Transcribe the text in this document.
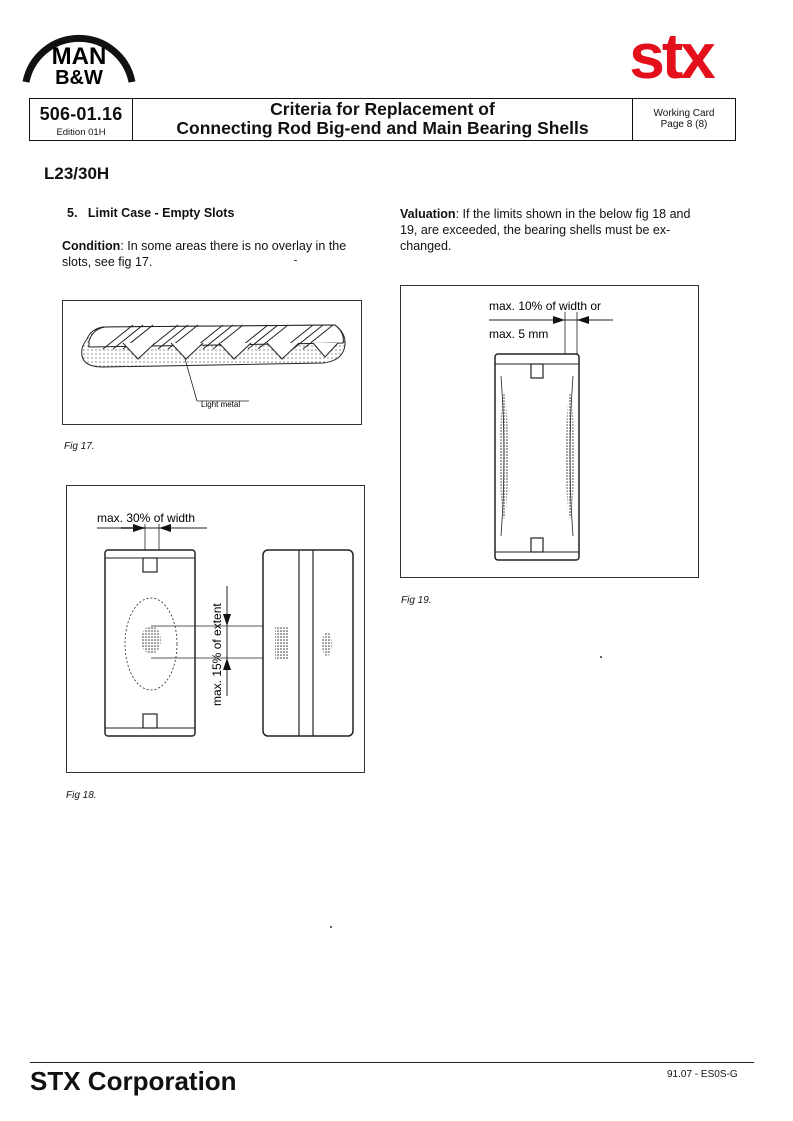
MAN
B&W	stx
506-01.16
Edition 01H
Criteria for Replacement of
Connecting Rod Big-end and Main Bearing Shells
Working Card
Page 8 (8)
L23/30H
5.   Limit Case - Empty Slots
Condition: In some areas there is no overlay in the
slots, see fig 17.
Valuation: If the limits shown in the below fig 18 and
19, are exceeded, the bearing shells must be ex-
changed.
Light metal
Fig 17.
max. 30% of width
max. 15% of extent
Fig 18.
max. 10% of width or
max. 5 mm
Fig 19.
STX Corporation	91.07 - ES0S-G
